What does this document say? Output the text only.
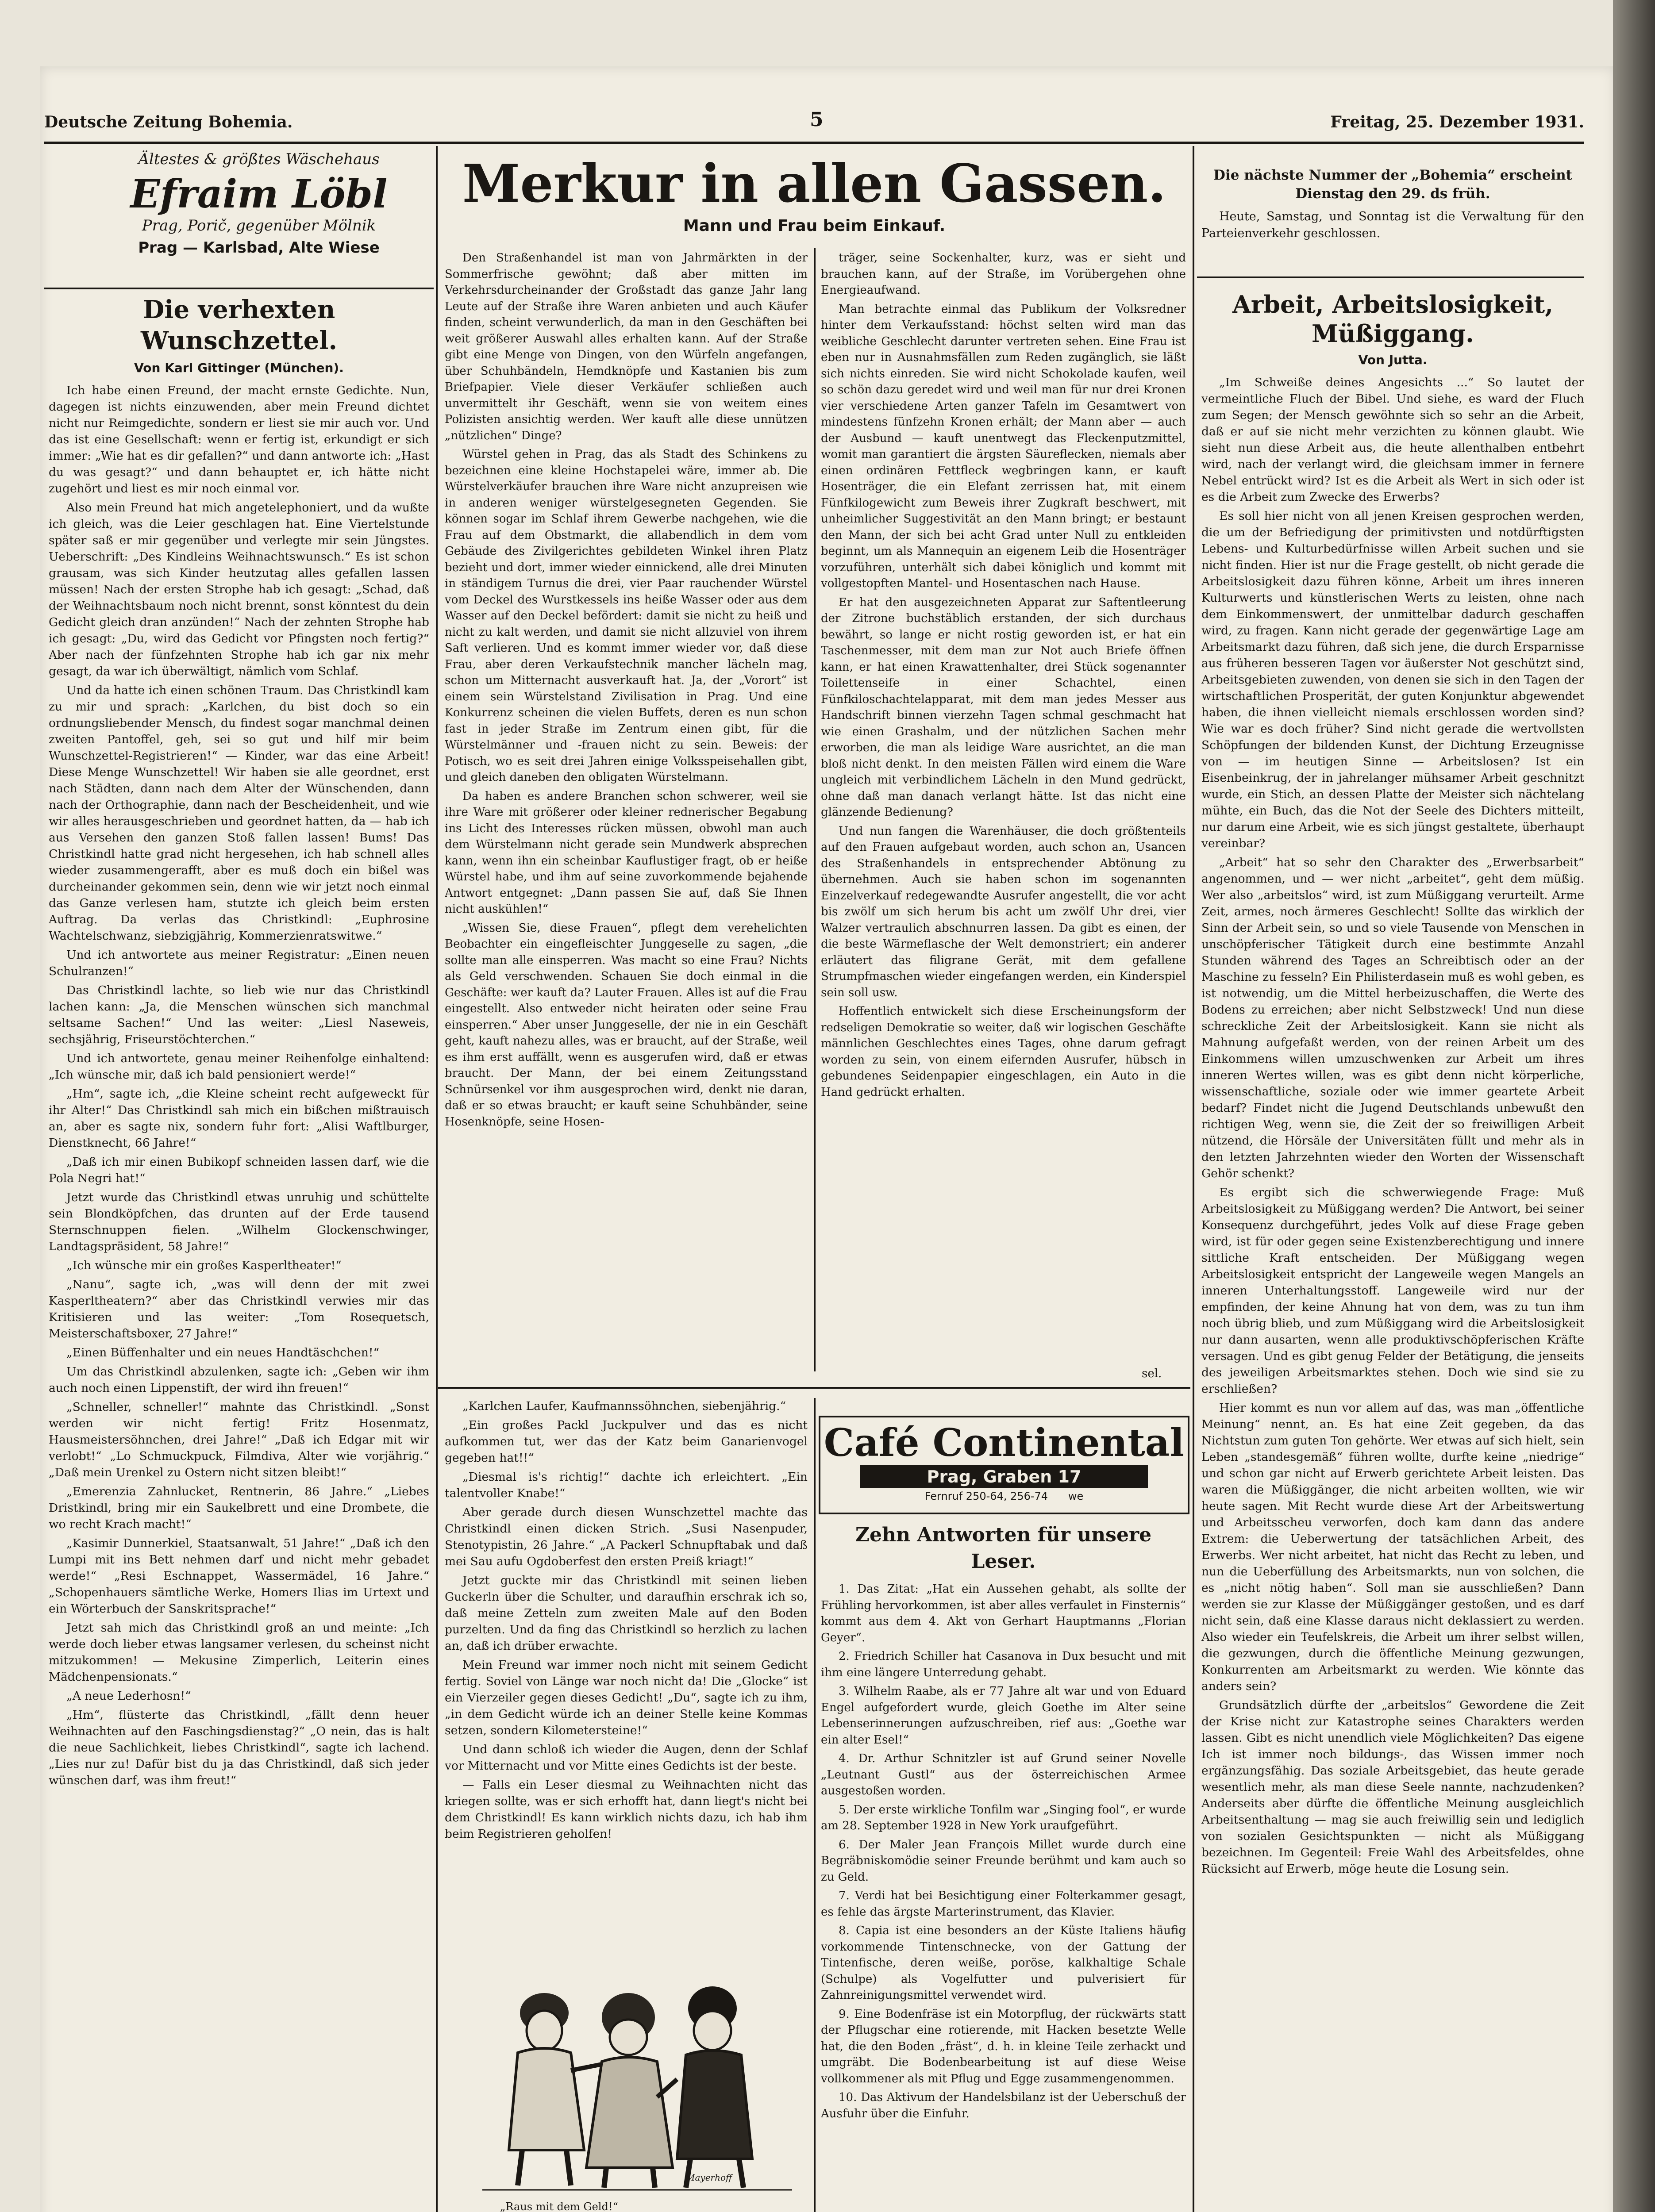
Deutsche Zeitung Bohemia.	5	Freitag, 25. Dezember 1931.
Ältestes & größtes Wäschehaus
Efraim Löbl
Prag, Porič, gegenüber Mölnik
Prag — Karlsbad, Alte Wiese
Die verhexten Wunschzettel.
Von Karl Gittinger (München).

Ich habe einen Freund, der macht ernste Gedichte. Nun, dagegen ist nichts einzuwenden, aber mein Freund dichtet nicht nur Reimgedichte, sondern er liest sie mir auch vor. Und das ist eine Gesellschaft: wenn er fertig ist, erkundigt er sich immer: „Wie hat es dir gefallen?“ und dann antworte ich: „Hast du was gesagt?“ und dann behauptet er, ich hätte nicht zugehört und liest es mir noch einmal vor.

Also mein Freund hat mich angetelephoniert, und da wußte ich gleich, was die Leier geschlagen hat. Eine Viertelstunde später saß er mir gegenüber und verlegte mir sein Jüngstes. Ueberschrift: „Des Kindleins Weihnachtswunsch.“ Es ist schon grausam, was sich Kinder heutzutag alles gefallen lassen müssen! Nach der ersten Strophe hab ich gesagt: „Schad, daß der Weihnachtsbaum noch nicht brennt, sonst könntest du dein Gedicht gleich dran anzünden!“ Nach der zehnten Strophe hab ich gesagt: „Du, wird das Gedicht vor Pfingsten noch fertig?“ Aber nach der fünfzehnten Strophe hab ich gar nix mehr gesagt, da war ich überwältigt, nämlich vom Schlaf.

Und da hatte ich einen schönen Traum. Das Christkindl kam zu mir und sprach: „Karlchen, du bist doch so ein ordnungsliebender Mensch, du findest sogar manchmal deinen zweiten Pantoffel, geh, sei so gut und hilf mir beim Wunschzettel-Registrieren!“ — Kinder, war das eine Arbeit! Diese Menge Wunschzettel! Wir haben sie alle geordnet, erst nach Städten, dann nach dem Alter der Wünschenden, dann nach der Orthographie, dann nach der Bescheidenheit, und wie wir alles herausgeschrieben und geordnet hatten, da — hab ich aus Versehen den ganzen Stoß fallen lassen! Bums! Das Christkindl hatte grad nicht hergesehen, ich hab schnell alles wieder zusammengerafft, aber es muß doch ein bißel was durcheinander gekommen sein, denn wie wir jetzt noch einmal das Ganze verlesen ham, stutzte ich gleich beim ersten Auftrag. Da verlas das Christkindl: „Euphrosine Wachtelschwanz, siebzigjährig, Kommerzienratswitwe.“

Und ich antwortete aus meiner Registratur: „Einen neuen Schulranzen!“

Das Christkindl lachte, so lieb wie nur das Christkindl lachen kann: „Ja, die Menschen wünschen sich manchmal seltsame Sachen!“ Und las weiter: „Liesl Naseweis, sechsjährig, Friseurstöchterchen.“

Und ich antwortete, genau meiner Reihenfolge einhaltend: „Ich wünsche mir, daß ich bald pensioniert werde!“

„Hm“, sagte ich, „die Kleine scheint recht aufgeweckt für ihr Alter!“ Das Christkindl sah mich ein bißchen mißtrauisch an, aber es sagte nix, sondern fuhr fort: „Alisi Waftlburger, Dienstknecht, 66 Jahre!“

„Daß ich mir einen Bubikopf schneiden lassen darf, wie die Pola Negri hat!“

Jetzt wurde das Christkindl etwas unruhig und schüttelte sein Blondköpfchen, das drunten auf der Erde tausend Sternschnuppen fielen. „Wilhelm Glockenschwinger, Landtagspräsident, 58 Jahre!“

„Ich wünsche mir ein großes Kasperltheater!“

„Nanu“, sagte ich, „was will denn der mit zwei Kasperltheatern?“ aber das Christkindl verwies mir das Kritisieren und las weiter: „Tom Rosequetsch, Meisterschaftsboxer, 27 Jahre!“

„Einen Büffenhalter und ein neues Handtäschchen!“

Um das Christkindl abzulenken, sagte ich: „Geben wir ihm auch noch einen Lippenstift, der wird ihn freuen!“

„Schneller, schneller!“ mahnte das Christkindl. „Sonst werden wir nicht fertig! Fritz Hosenmatz, Hausmeistersöhnchen, drei Jahre!“ „Daß ich Edgar mit wir verlobt!“ „Lo Schmuckpuck, Filmdiva, Alter wie vorjährig.“ „Daß mein Urenkel zu Ostern nicht sitzen bleibt!“

„Emerenzia Zahnlucket, Rentnerin, 86 Jahre.“ „Liebes Dristkindl, bring mir ein Saukelbrett und eine Drombete, die wo recht Krach macht!“

„Kasimir Dunnerkiel, Staatsanwalt, 51 Jahre!“ „Daß ich den Lumpi mit ins Bett nehmen darf und nicht mehr gebadet werde!“ „Resi Eschnappet, Wassermädel, 16 Jahre.“ „Schopenhauers sämtliche Werke, Homers Ilias im Urtext und ein Wörterbuch der Sanskritsprache!“

Jetzt sah mich das Christkindl groß an und meinte: „Ich werde doch lieber etwas langsamer verlesen, du scheinst nicht mitzukommen! — Mekusine Zimperlich, Leiterin eines Mädchenpensionats.“

„A neue Lederhosn!“

„Hm“, flüsterte das Christkindl, „fällt denn heuer Weihnachten auf den Faschingsdienstag?“ „O nein, das is halt die neue Sachlichkeit, liebes Christkindl“, sagte ich lachend. „Lies nur zu! Dafür bist du ja das Christkindl, daß sich jeder wünschen darf, was ihm freut!“

Merkur in allen Gassen.
Mann und Frau beim Einkauf.

Den Straßenhandel ist man von Jahrmärkten in der Sommerfrische gewöhnt; daß aber mitten im Verkehrsdurcheinander der Großstadt das ganze Jahr lang Leute auf der Straße ihre Waren anbieten und auch Käufer finden, scheint verwunderlich, da man in den Geschäften bei weit größerer Auswahl alles erhalten kann. Auf der Straße gibt eine Menge von Dingen, von den Würfeln angefangen, über Schuhbändeln, Hemdknöpfe und Kastanien bis zum Briefpapier. Viele dieser Verkäufer schließen auch unvermittelt ihr Geschäft, wenn sie von weitem eines Polizisten ansichtig werden. Wer kauft alle diese unnützen „nützlichen“ Dinge?

Würstel gehen in Prag, das als Stadt des Schinkens zu bezeichnen eine kleine Hochstapelei wäre, immer ab. Die Würstelverkäufer brauchen ihre Ware nicht anzupreisen wie in anderen weniger würstelgesegneten Gegenden. Sie können sogar im Schlaf ihrem Gewerbe nachgehen, wie die Frau auf dem Obstmarkt, die allabendlich in dem vom Gebäude des Zivilgerichtes gebildeten Winkel ihren Platz bezieht und dort, immer wieder einnickend, alle drei Minuten in ständigem Turnus die drei, vier Paar rauchender Würstel vom Deckel des Wurstkessels ins heiße Wasser oder aus dem Wasser auf den Deckel befördert: damit sie nicht zu heiß und nicht zu kalt werden, und damit sie nicht allzuviel von ihrem Saft verlieren. Und es kommt immer wieder vor, daß diese Frau, aber deren Verkaufstechnik mancher lächeln mag, schon um Mitternacht ausverkauft hat. Ja, der „Vorort“ ist einem sein Würstelstand Zivilisation in Prag. Und eine Konkurrenz scheinen die vielen Buffets, deren es nun schon fast in jeder Straße im Zentrum einen gibt, für die Würstelmänner und -frauen nicht zu sein. Beweis: der Potisch, wo es seit drei Jahren einige Volksspeisehallen gibt, und gleich daneben den obligaten Würstelmann.

Da haben es andere Branchen schon schwerer, weil sie ihre Ware mit größerer oder kleiner rednerischer Begabung ins Licht des Interesses rücken müssen, obwohl man auch dem Würstelmann nicht gerade sein Mundwerk absprechen kann, wenn ihn ein scheinbar Kauflustiger fragt, ob er heiße Würstel habe, und ihm auf seine zuvorkommende bejahende Antwort entgegnet: „Dann passen Sie auf, daß Sie Ihnen nicht auskühlen!“

„Wissen Sie, diese Frauen“, pflegt dem verehelichten Beobachter ein eingefleischter Junggeselle zu sagen, „die sollte man alle einsperren. Was macht so eine Frau? Nichts als Geld verschwenden. Schauen Sie doch einmal in die Geschäfte: wer kauft da? Lauter Frauen. Alles ist auf die Frau eingestellt. Also entweder nicht heiraten oder seine Frau einsperren.“ Aber unser Junggeselle, der nie in ein Geschäft geht, kauft nahezu alles, was er braucht, auf der Straße, weil es ihm erst auffällt, wenn es ausgerufen wird, daß er etwas braucht. Der Mann, der bei einem Zeitungsstand Schnürsenkel vor ihm ausgesprochen wird, denkt nie daran, daß er so etwas braucht; er kauft seine Schuhbänder, seine Hosenknöpfe, seine Hosen-

träger, seine Sockenhalter, kurz, was er sieht und brauchen kann, auf der Straße, im Vorübergehen ohne Energieaufwand.

Man betrachte einmal das Publikum der Volksredner hinter dem Verkaufsstand: höchst selten wird man das weibliche Geschlecht darunter vertreten sehen. Eine Frau ist eben nur in Ausnahmsfällen zum Reden zugänglich, sie läßt sich nichts einreden. Sie wird nicht Schokolade kaufen, weil so schön dazu geredet wird und weil man für nur drei Kronen vier verschiedene Arten ganzer Tafeln im Gesamtwert von mindestens fünfzehn Kronen erhält; der Mann aber — auch der Ausbund — kauft unentwegt das Fleckenputzmittel, womit man garantiert die ärgsten Säureflecken, niemals aber einen ordinären Fettfleck wegbringen kann, er kauft Hosenträger, die ein Elefant zerrissen hat, mit einem Fünfkilogewicht zum Beweis ihrer Zugkraft beschwert, mit unheimlicher Suggestivität an den Mann bringt; er bestaunt den Mann, der sich bei acht Grad unter Null zu entkleiden beginnt, um als Mannequin an eigenem Leib die Hosenträger vorzuführen, unterhält sich dabei königlich und kommt mit vollgestopften Mantel- und Hosentaschen nach Hause.

Er hat den ausgezeichneten Apparat zur Saftentleerung der Zitrone buchstäblich erstanden, der sich durchaus bewährt, so lange er nicht rostig geworden ist, er hat ein Taschenmesser, mit dem man zur Not auch Briefe öffnen kann, er hat einen Krawattenhalter, drei Stück sogenannter Toilettenseife in einer Schachtel, einen Fünfkiloschachtelapparat, mit dem man jedes Messer aus Handschrift binnen vierzehn Tagen schmal geschmacht hat wie einen Grashalm, und der nützlichen Sachen mehr erworben, die man als leidige Ware ausrichtet, an die man bloß nicht denkt. In den meisten Fällen wird einem die Ware ungleich mit verbindlichem Lächeln in den Mund gedrückt, ohne daß man danach verlangt hätte. Ist das nicht eine glänzende Bedienung?

Und nun fangen die Warenhäuser, die doch größtenteils auf den Frauen aufgebaut worden, auch schon an, Usancen des Straßenhandels in entsprechender Abtönung zu übernehmen. Auch sie haben schon im sogenannten Einzelverkauf redegewandte Ausrufer angestellt, die vor acht bis zwölf um sich herum bis acht um zwölf Uhr drei, vier Walzer vertraulich abschnurren lassen. Da gibt es einen, der die beste Wärmeflasche der Welt demonstriert; ein anderer erläutert das filigrane Gerät, mit dem gefallene Strumpfmaschen wieder eingefangen werden, ein Kinderspiel sein soll usw.

Hoffentlich entwickelt sich diese Erscheinungsform der redseligen Demokratie so weiter, daß wir logischen Geschäfte männlichen Geschlechtes eines Tages, ohne darum gefragt worden zu sein, von einem eifernden Ausrufer, hübsch in gebundenes Seidenpapier eingeschlagen, ein Auto in die Hand gedrückt erhalten.

sel.

„Karlchen Laufer, Kaufmannssöhnchen, siebenjährig.“

„Ein großes Packl Juckpulver und das es nicht aufkommen tut, wer das der Katz beim Ganarienvogel gegeben hat!!“

„Diesmal is's richtig!“ dachte ich erleichtert. „Ein talentvoller Knabe!“

Aber gerade durch diesen Wunschzettel machte das Christkindl einen dicken Strich. „Susi Nasenpuder, Stenotypistin, 26 Jahre.“ „A Packerl Schnupftabak und daß mei Sau aufu Ogdoberfest den ersten Preiß kriagt!“

Jetzt guckte mir das Christkindl mit seinen lieben Guckerln über die Schulter, und daraufhin erschrak ich so, daß meine Zetteln zum zweiten Male auf den Boden purzelten. Und da fing das Christkindl so herzlich zu lachen an, daß ich drüber erwachte.

Mein Freund war immer noch nicht mit seinem Gedicht fertig. Soviel von Länge war noch nicht da! Die „Glocke“ ist ein Vierzeiler gegen dieses Gedicht! „Du“, sagte ich zu ihm, „in dem Gedicht würde ich an deiner Stelle keine Kommas setzen, sondern Kilometersteine!“

Und dann schloß ich wieder die Augen, denn der Schlaf vor Mitternacht und vor Mitte eines Gedichts ist der beste.

— Falls ein Leser diesmal zu Weihnachten nicht das kriegen sollte, was er sich erhofft hat, dann liegt's nicht bei dem Christkindl! Es kann wirklich nichts dazu, ich hab ihm beim Registrieren geholfen!

Mayerhoff
„Raus mit dem Geld!“

Café Continental
Prag, Graben 17
Fernruf 250-64, 256-74 we
Zehn Antworten für unsere Leser.
1. Das Zitat: „Hat ein Aussehen gehabt, als sollte der Frühling hervorkommen, ist aber alles verfaulet in Finsternis“ kommt aus dem 4. Akt von Gerhart Hauptmanns „Florian Geyer“.
2. Friedrich Schiller hat Casanova in Dux besucht und mit ihm eine längere Unterredung gehabt.
3. Wilhelm Raabe, als er 77 Jahre alt war und von Eduard Engel aufgefordert wurde, gleich Goethe im Alter seine Lebenserinnerungen aufzuschreiben, rief aus: „Goethe war ein alter Esel!“
4. Dr. Arthur Schnitzler ist auf Grund seiner Novelle „Leutnant Gustl“ aus der österreichischen Armee ausgestoßen worden.
5. Der erste wirkliche Tonfilm war „Singing fool“, er wurde am 28. September 1928 in New York uraufgeführt.
6. Der Maler Jean François Millet wurde durch eine Begräbniskomödie seiner Freunde berühmt und kam auch so zu Geld.
7. Verdi hat bei Besichtigung einer Folterkammer gesagt, es fehle das ärgste Marterinstrument, das Klavier.
8. Capia ist eine besonders an der Küste Italiens häufig vorkommende Tintenschnecke, von der Gattung der Tintenfische, deren weiße, poröse, kalkhaltige Schale (Schulpe) als Vogelfutter und pulverisiert für Zahnreinigungsmittel verwendet wird.
9. Eine Bodenfräse ist ein Motorpflug, der rückwärts statt der Pflugschar eine rotierende, mit Hacken besetzte Welle hat, die den Boden „fräst“, d. h. in kleine Teile zerhackt und umgräbt. Die Bodenbearbeitung ist auf diese Weise vollkommener als mit Pflug und Egge zusammengenommen.
10. Das Aktivum der Handelsbilanz ist der Ueberschuß der Ausfuhr über die Einfuhr.
Die nächste Nummer der „Bohemia“ erscheint Dienstag den 29. ds früh.

Heute, Samstag, und Sonntag ist die Verwaltung für den Parteienverkehr geschlossen.

Arbeit, Arbeitslosigkeit, Müßiggang.
Von Jutta.

„Im Schweiße deines Angesichts ...“ So lautet der vermeintliche Fluch der Bibel. Und siehe, es ward der Fluch zum Segen; der Mensch gewöhnte sich so sehr an die Arbeit, daß er auf sie nicht mehr verzichten zu können glaubt. Wie sieht nun diese Arbeit aus, die heute allenthalben entbehrt wird, nach der verlangt wird, die gleichsam immer in fernere Nebel entrückt wird? Ist es die Arbeit als Wert in sich oder ist es die Arbeit zum Zwecke des Erwerbs?

Es soll hier nicht von all jenen Kreisen gesprochen werden, die um der Befriedigung der primitivsten und notdürftigsten Lebens- und Kulturbedürfnisse willen Arbeit suchen und sie nicht finden. Hier ist nur die Frage gestellt, ob nicht gerade die Arbeitslosigkeit dazu führen könne, Arbeit um ihres inneren Kulturwerts und künstlerischen Werts zu leisten, ohne nach dem Einkommenswert, der unmittelbar dadurch geschaffen wird, zu fragen. Kann nicht gerade der gegenwärtige Lage am Arbeitsmarkt dazu führen, daß sich jene, die durch Ersparnisse aus früheren besseren Tagen vor äußerster Not geschützt sind, Arbeitsgebieten zuwenden, von denen sie sich in den Tagen der wirtschaftlichen Prosperität, der guten Konjunktur abgewendet haben, die ihnen vielleicht niemals erschlossen worden sind? Wie war es doch früher? Sind nicht gerade die wertvollsten Schöpfungen der bildenden Kunst, der Dichtung Erzeugnisse von — im heutigen Sinne — Arbeitslosen? Ist ein Eisenbeinkrug, der in jahrelanger mühsamer Arbeit geschnitzt wurde, ein Stich, an dessen Platte der Meister sich nächtelang mühte, ein Buch, das die Not der Seele des Dichters mitteilt, nur darum eine Arbeit, wie es sich jüngst gestaltete, überhaupt vereinbar?

„Arbeit“ hat so sehr den Charakter des „Erwerbsarbeit“ angenommen, und — wer nicht „arbeitet“, geht dem müßig. Wer also „arbeitslos“ wird, ist zum Müßiggang verurteilt. Arme Zeit, armes, noch ärmeres Geschlecht! Sollte das wirklich der Sinn der Arbeit sein, so und so viele Tausende von Menschen in unschöpferischer Tätigkeit durch eine bestimmte Anzahl Stunden während des Tages an Schreibtisch oder an der Maschine zu fesseln? Ein Philisterdasein muß es wohl geben, es ist notwendig, um die Mittel herbeizuschaffen, die Werte des Bodens zu erreichen; aber nicht Selbstzweck! Und nun diese schreckliche Zeit der Arbeitslosigkeit. Kann sie nicht als Mahnung aufgefaßt werden, von der reinen Arbeit um des Einkommens willen umzuschwenken zur Arbeit um ihres inneren Wertes willen, was es gibt denn nicht körperliche, wissenschaftliche, soziale oder wie immer geartete Arbeit bedarf? Findet nicht die Jugend Deutschlands unbewußt den richtigen Weg, wenn sie, die Zeit der so freiwilligen Arbeit nützend, die Hörsäle der Universitäten füllt und mehr als in den letzten Jahrzehnten wieder den Worten der Wissenschaft Gehör schenkt?

Es ergibt sich die schwerwiegende Frage: Muß Arbeitslosigkeit zu Müßiggang werden? Die Antwort, bei seiner Konsequenz durchgeführt, jedes Volk auf diese Frage geben wird, ist für oder gegen seine Existenzberechtigung und innere sittliche Kraft entscheiden. Der Müßiggang wegen Arbeitslosigkeit entspricht der Langeweile wegen Mangels an inneren Unterhaltungsstoff. Langeweile wird nur der empfinden, der keine Ahnung hat von dem, was zu tun ihm noch übrig blieb, und zum Müßiggang wird die Arbeitslosigkeit nur dann ausarten, wenn alle produktivschöpferischen Kräfte versagen. Und es gibt genug Felder der Betätigung, die jenseits des jeweiligen Arbeitsmarktes stehen. Doch wie sind sie zu erschließen?

Hier kommt es nun vor allem auf das, was man „öffentliche Meinung“ nennt, an. Es hat eine Zeit gegeben, da das Nichtstun zum guten Ton gehörte. Wer etwas auf sich hielt, sein Leben „standesgemäß“ führen wollte, durfte keine „niedrige“ und schon gar nicht auf Erwerb gerichtete Arbeit leisten. Das waren die Müßiggänger, die nicht arbeiten wollten, wie wir heute sagen. Mit Recht wurde diese Art der Arbeitswertung und Arbeitsscheu verworfen, doch kam dann das andere Extrem: die Ueberwertung der tatsächlichen Arbeit, des Erwerbs. Wer nicht arbeitet, hat nicht das Recht zu leben, und nun die Ueberfüllung des Arbeitsmarkts, nun von solchen, die es „nicht nötig haben“. Soll man sie ausschließen? Dann werden sie zur Klasse der Müßiggänger gestoßen, und es darf nicht sein, daß eine Klasse daraus nicht deklassiert zu werden. Also wieder ein Teufelskreis, die Arbeit um ihrer selbst willen, die gezwungen, durch die öffentliche Meinung gezwungen, Konkurrenten am Arbeitsmarkt zu werden. Wie könnte das anders sein?

Grundsätzlich dürfte der „arbeitslos“ Gewordene die Zeit der Krise nicht zur Katastrophe seines Charakters werden lassen. Gibt es nicht unendlich viele Möglichkeiten? Das eigene Ich ist immer noch bildungs-, das Wissen immer noch ergänzungsfähig. Das soziale Arbeitsgebiet, das heute gerade wesentlich mehr, als man diese Seele nannte, nachzudenken? Anderseits aber dürfte die öffentliche Meinung ausgleichlich Arbeitsenthaltung — mag sie auch freiwillig sein und lediglich von sozialen Gesichtspunkten — nicht als Müßiggang bezeichnen. Im Gegenteil: Freie Wahl des Arbeitsfeldes, ohne Rücksicht auf Erwerb, möge heute die Losung sein.
